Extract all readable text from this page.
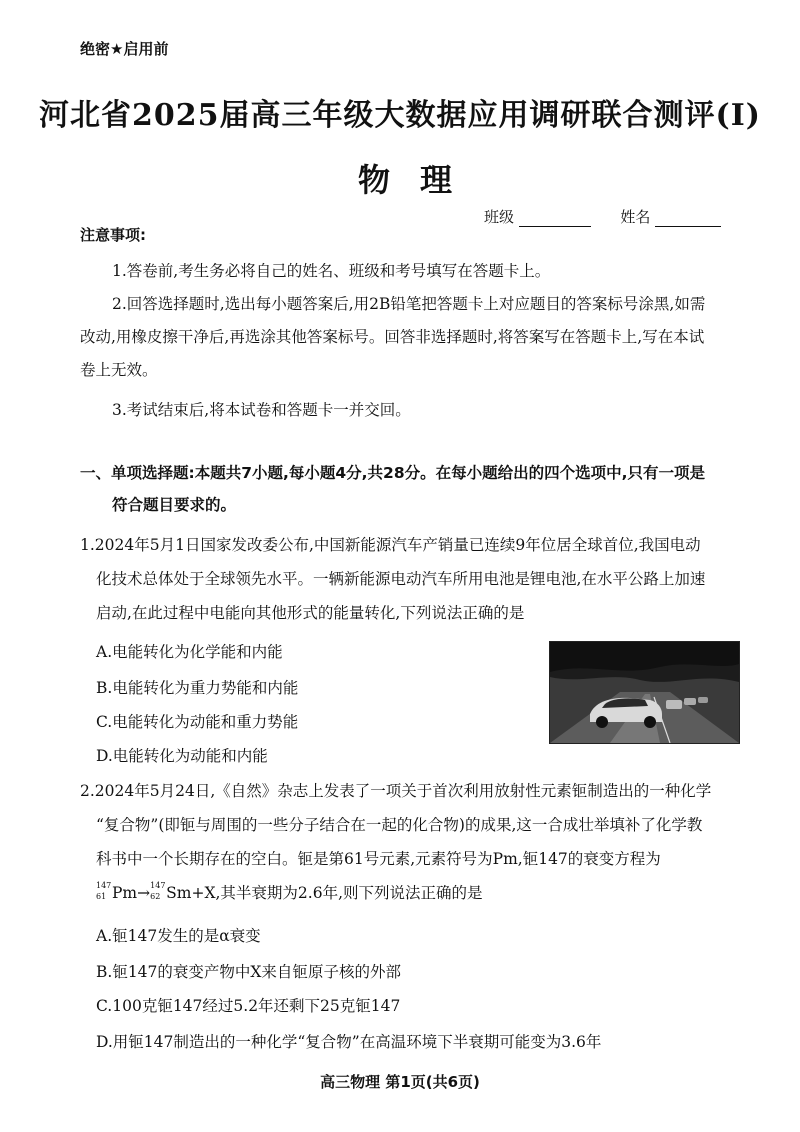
绝密★启用前
河北省2025届高三年级大数据应用调研联合测评(Ⅰ)
物理
班级	姓名
注意事项:
1.答卷前,考生务必将自己的姓名、班级和考号填写在答题卡上。
2.回答选择题时,选出每小题答案后,用2B铅笔把答题卡上对应题目的答案标号涂黑,如需
改动,用橡皮擦干净后,再选涂其他答案标号。回答非选择题时,将答案写在答题卡上,写在本试
卷上无效。
3.考试结束后,将本试卷和答题卡一并交回。
一、单项选择题:本题共7小题,每小题4分,共28分。在每小题给出的四个选项中,只有一项是
符合题目要求的。
1.2024年5月1日国家发改委公布,中国新能源汽车产销量已连续9年位居全球首位,我国电动
化技术总体处于全球领先水平。一辆新能源电动汽车所用电池是锂电池,在水平公路上加速
启动,在此过程中电能向其他形式的能量转化,下列说法正确的是
A.电能转化为化学能和内能
B.电能转化为重力势能和内能
C.电能转化为动能和重力势能
D.电能转化为动能和内能
2.2024年5月24日,《自然》杂志上发表了一项关于首次利用放射性元素钷制造出的一种化学
“复合物”(即钷与周围的一些分子结合在一起的化合物)的成果,这一合成壮举填补了化学教
科书中一个长期存在的空白。钷是第61号元素,元素符号为Pm,钷147的衰变方程为
147
61 Pm→ 147
62 Sm+X,其半衰期为2.6年,则下列说法正确的是
A.钷147发生的是α衰变
B.钷147的衰变产物中X来自钷原子核的外部
C.100克钷147经过5.2年还剩下25克钷147
D.用钷147制造出的一种化学“复合物”在高温环境下半衰期可能变为3.6年
高三物理 第1页(共6页)
